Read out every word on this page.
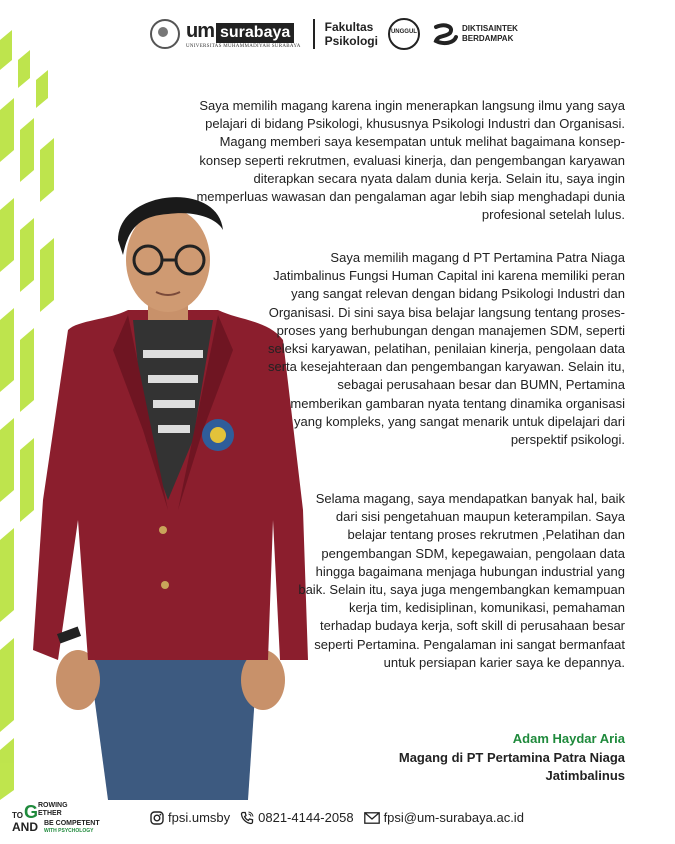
um surabaya
UNIVERSITAS MUHAMMADIYAH SURABAYA
Fakultas
Psikologi
UNGGUL	DIKTISAINTEK
BERDAMPAK

Saya memilih magang karena ingin menerapkan langsung ilmu yang saya pelajari di bidang Psikologi, khususnya Psikologi Industri dan Organisasi. Magang memberi saya kesempatan untuk melihat bagaimana konsep-konsep seperti rekrutmen, evaluasi kinerja, dan pengembangan karyawan diterapkan secara nyata dalam dunia kerja. Selain itu, saya ingin memperluas wawasan dan pengalaman agar lebih siap menghadapi dunia profesional setelah lulus.

Saya memilih magang d PT Pertamina Patra Niaga Jatimbalinus Fungsi Human Capital ini karena memiliki peran yang sangat relevan dengan bidang Psikologi Industri dan Organisasi. Di sini saya bisa belajar langsung tentang proses-proses yang berhubungan dengan manajemen SDM, seperti seleksi karyawan, pelatihan, penilaian kinerja, pengolaan data serta kesejahteraan dan pengembangan karyawan. Selain itu, sebagai perusahaan besar dan BUMN, Pertamina memberikan gambaran nyata tentang dinamika organisasi yang kompleks, yang sangat menarik untuk dipelajari dari perspektif psikologi.

Selama magang, saya mendapatkan banyak hal, baik dari sisi pengetahuan maupun keterampilan. Saya belajar tentang proses rekrutmen ,Pelatihan dan pengembangan SDM, kepegawaian, pengolaan data hingga bagaimana menjaga hubungan industrial yang baik. Selain itu, saya juga mengembangkan kemampuan kerja tim, kedisiplinan, komunikasi, pemahaman terhadap budaya kerja, soft skill di perusahaan besar seperti Pertamina. Pengalaman ini sangat bermanfaat untuk persiapan karier saya ke depannya.

Adam Haydar Aria
Magang di PT Pertamina Patra Niaga Jatimbalinus
TO G ROWING
ETHER
AND BE COMPETENT
WITH PSYCHOLOGY
fpsi.umsby 0821-4144-2058 fpsi@um-surabaya.ac.id
